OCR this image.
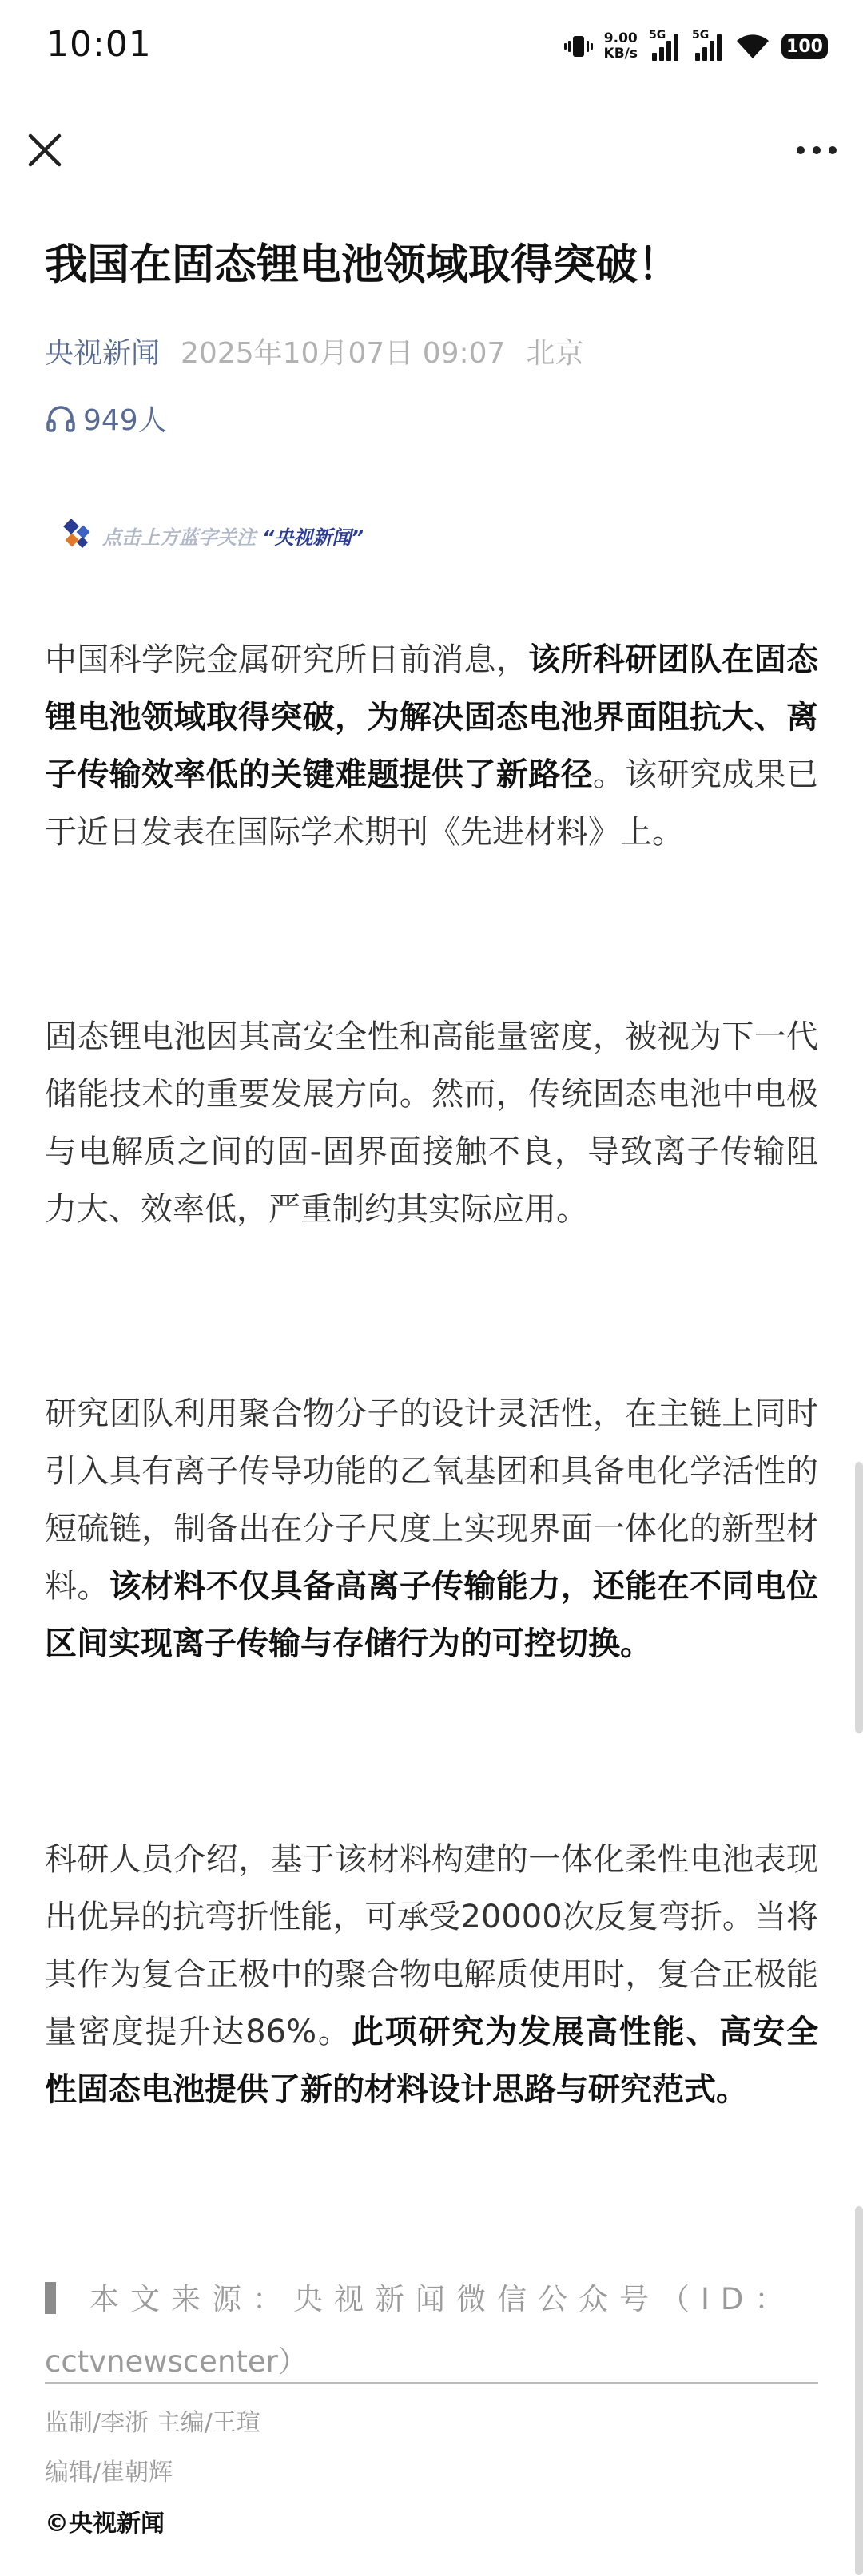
10:01	9.00
KB/s
5G 5G
100
我国在固态锂电池领域取得突破！
央视新闻 2025年10月07日 09:07 北京
949人
点击上方蓝字关注 “央视新闻”

中国科学院金属研究所日前消息，该所科研团队在固态锂电池领域取得突破，为解决固态电池界面阻抗大、离子传输效率低的关键难题提供了新路径。该研究成果已于近日发表在国际学术期刊《先进材料》上。

固态锂电池因其高安全性和高能量密度，被视为下一代储能技术的重要发展方向。然而，传统固态电池中电极与电解质之间的固-固界面接触不良，导致离子传输阻力大、效率低，严重制约其实际应用。

研究团队利用聚合物分子的设计灵活性，在主链上同时引入具有离子传导功能的乙氧基团和具备电化学活性的短硫链，制备出在分子尺度上实现界面一体化的新型材料。该材料不仅具备高离子传输能力，还能在不同电位区间实现离子传输与存储行为的可控切换。

科研人员介绍，基于该材料构建的一体化柔性电池表现出优异的抗弯折性能，可承受20000次反复弯折。当将其作为复合正极中的聚合物电解质使用时，复合正极能量密度提升达86%。此项研究为发展高性能、高安全性固态电池提供了新的材料设计思路与研究范式。

本文来源：央视新闻微信公众号（ID：
cctvnewscenter）
监制/李浙 主编/王瑄
编辑/崔朝辉
©央视新闻
